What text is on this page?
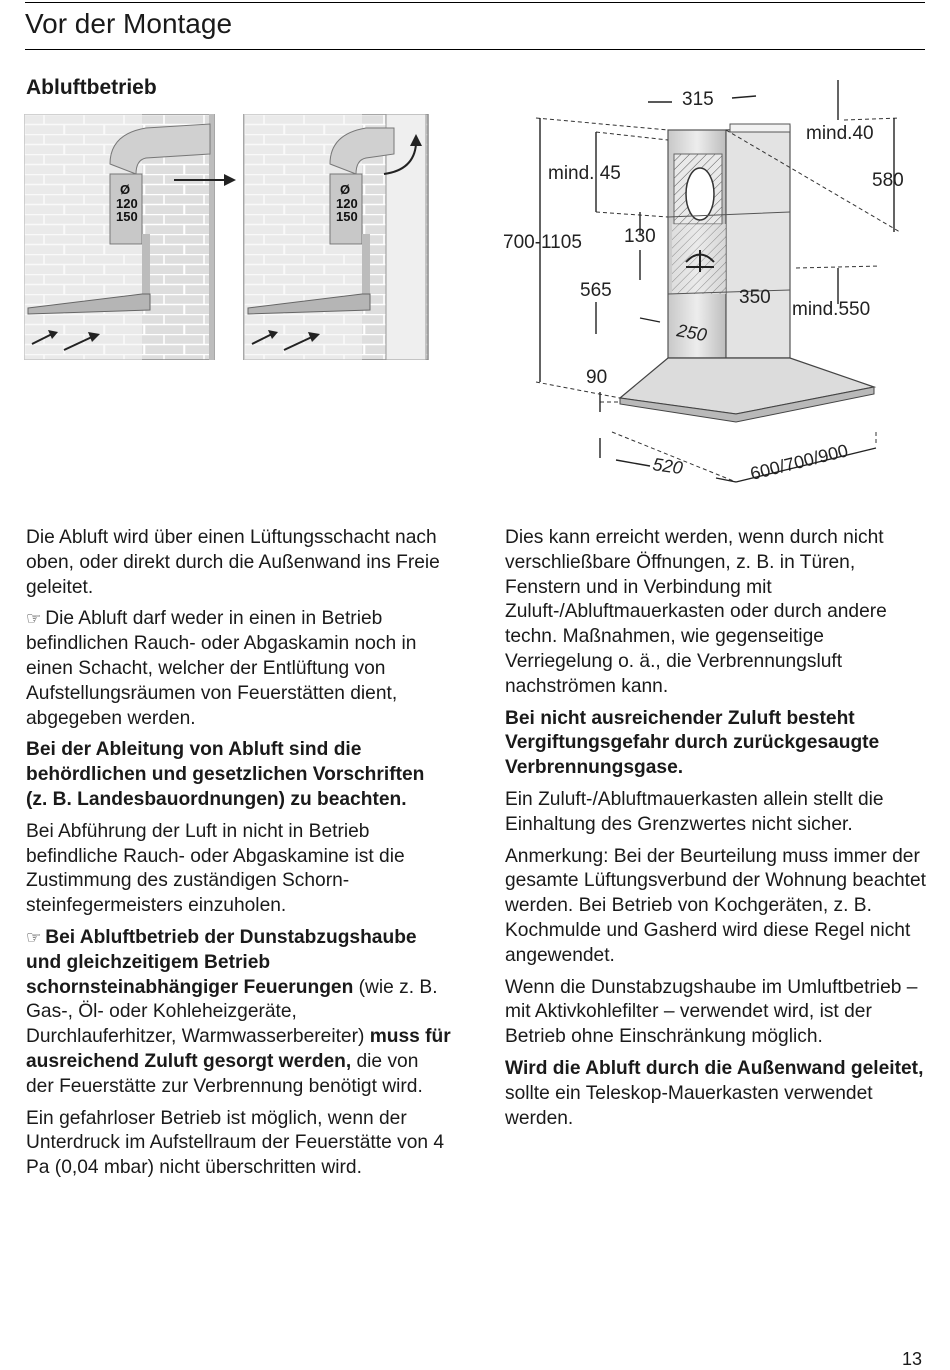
Vor der Montage
Abluftbetrieb
Ø
120
150
Ø
120
150
315
mind.40
mind. 45	580
700-1105 130
565	350
mind.550
250
90
520	600/700/900

Die Abluft wird über einen Lüftungsschacht nach oben, oder direkt durch die Außenwand ins Freie geleitet.

☞ Die Abluft darf weder in einen in Betrieb befindlichen Rauch- oder Abgaskamin noch in einen Schacht, welcher der Entlüftung von Aufstellungsräumen von Feuerstätten dient, abgegeben werden.

Bei der Ableitung von Abluft sind die behördlichen und gesetzlichen Vorschriften (z. B. Landesbauordnungen) zu beachten.

Bei Abführung der Luft in nicht in Betrieb befindliche Rauch- oder Abgaskamine ist die Zustimmung des zuständigen Schornsteinfegermeisters einzuholen.

☞ Bei Abluftbetrieb der Dunstabzugshaube und gleichzeitigem Betrieb schornsteinabhängiger Feuerungen (wie z. B. Gas-, Öl- oder Kohleheizgeräte, Durchlauferhitzer, Warmwasserbereiter) muss für ausreichend Zuluft gesorgt werden, die von der Feuerstätte zur Verbrennung benötigt wird.

Ein gefahrloser Betrieb ist möglich, wenn der Unterdruck im Aufstellraum der Feuerstätte von 4 Pa (0,04 mbar) nicht überschritten wird.

Dies kann erreicht werden, wenn durch nicht verschließbare Öffnungen, z. B. in Türen, Fenstern und in Verbindung mit Zuluft-/Abluftmauerkasten oder durch andere techn. Maßnahmen, wie gegenseitige Verriegelung o. ä., die Verbrennungsluft nachströmen kann.

Bei nicht ausreichender Zuluft besteht Vergiftungsgefahr durch zurückgesaugte Verbrennungsgase.

Ein Zuluft-/Abluftmauerkasten allein stellt die Einhaltung des Grenzwertes nicht sicher.

Anmerkung: Bei der Beurteilung muss immer der gesamte Lüftungsverbund der Wohnung beachtet werden. Bei Betrieb von Kochgeräten, z. B. Kochmulde und Gasherd wird diese Regel nicht angewendet.

Wenn die Dunstabzugshaube im Umluftbetrieb – mit Aktivkohlefilter – verwendet wird, ist der Betrieb ohne Einschränkung möglich.

Wird die Abluft durch die Außenwand geleitet, sollte ein Teleskop-Mauerkasten verwendet werden.

13
